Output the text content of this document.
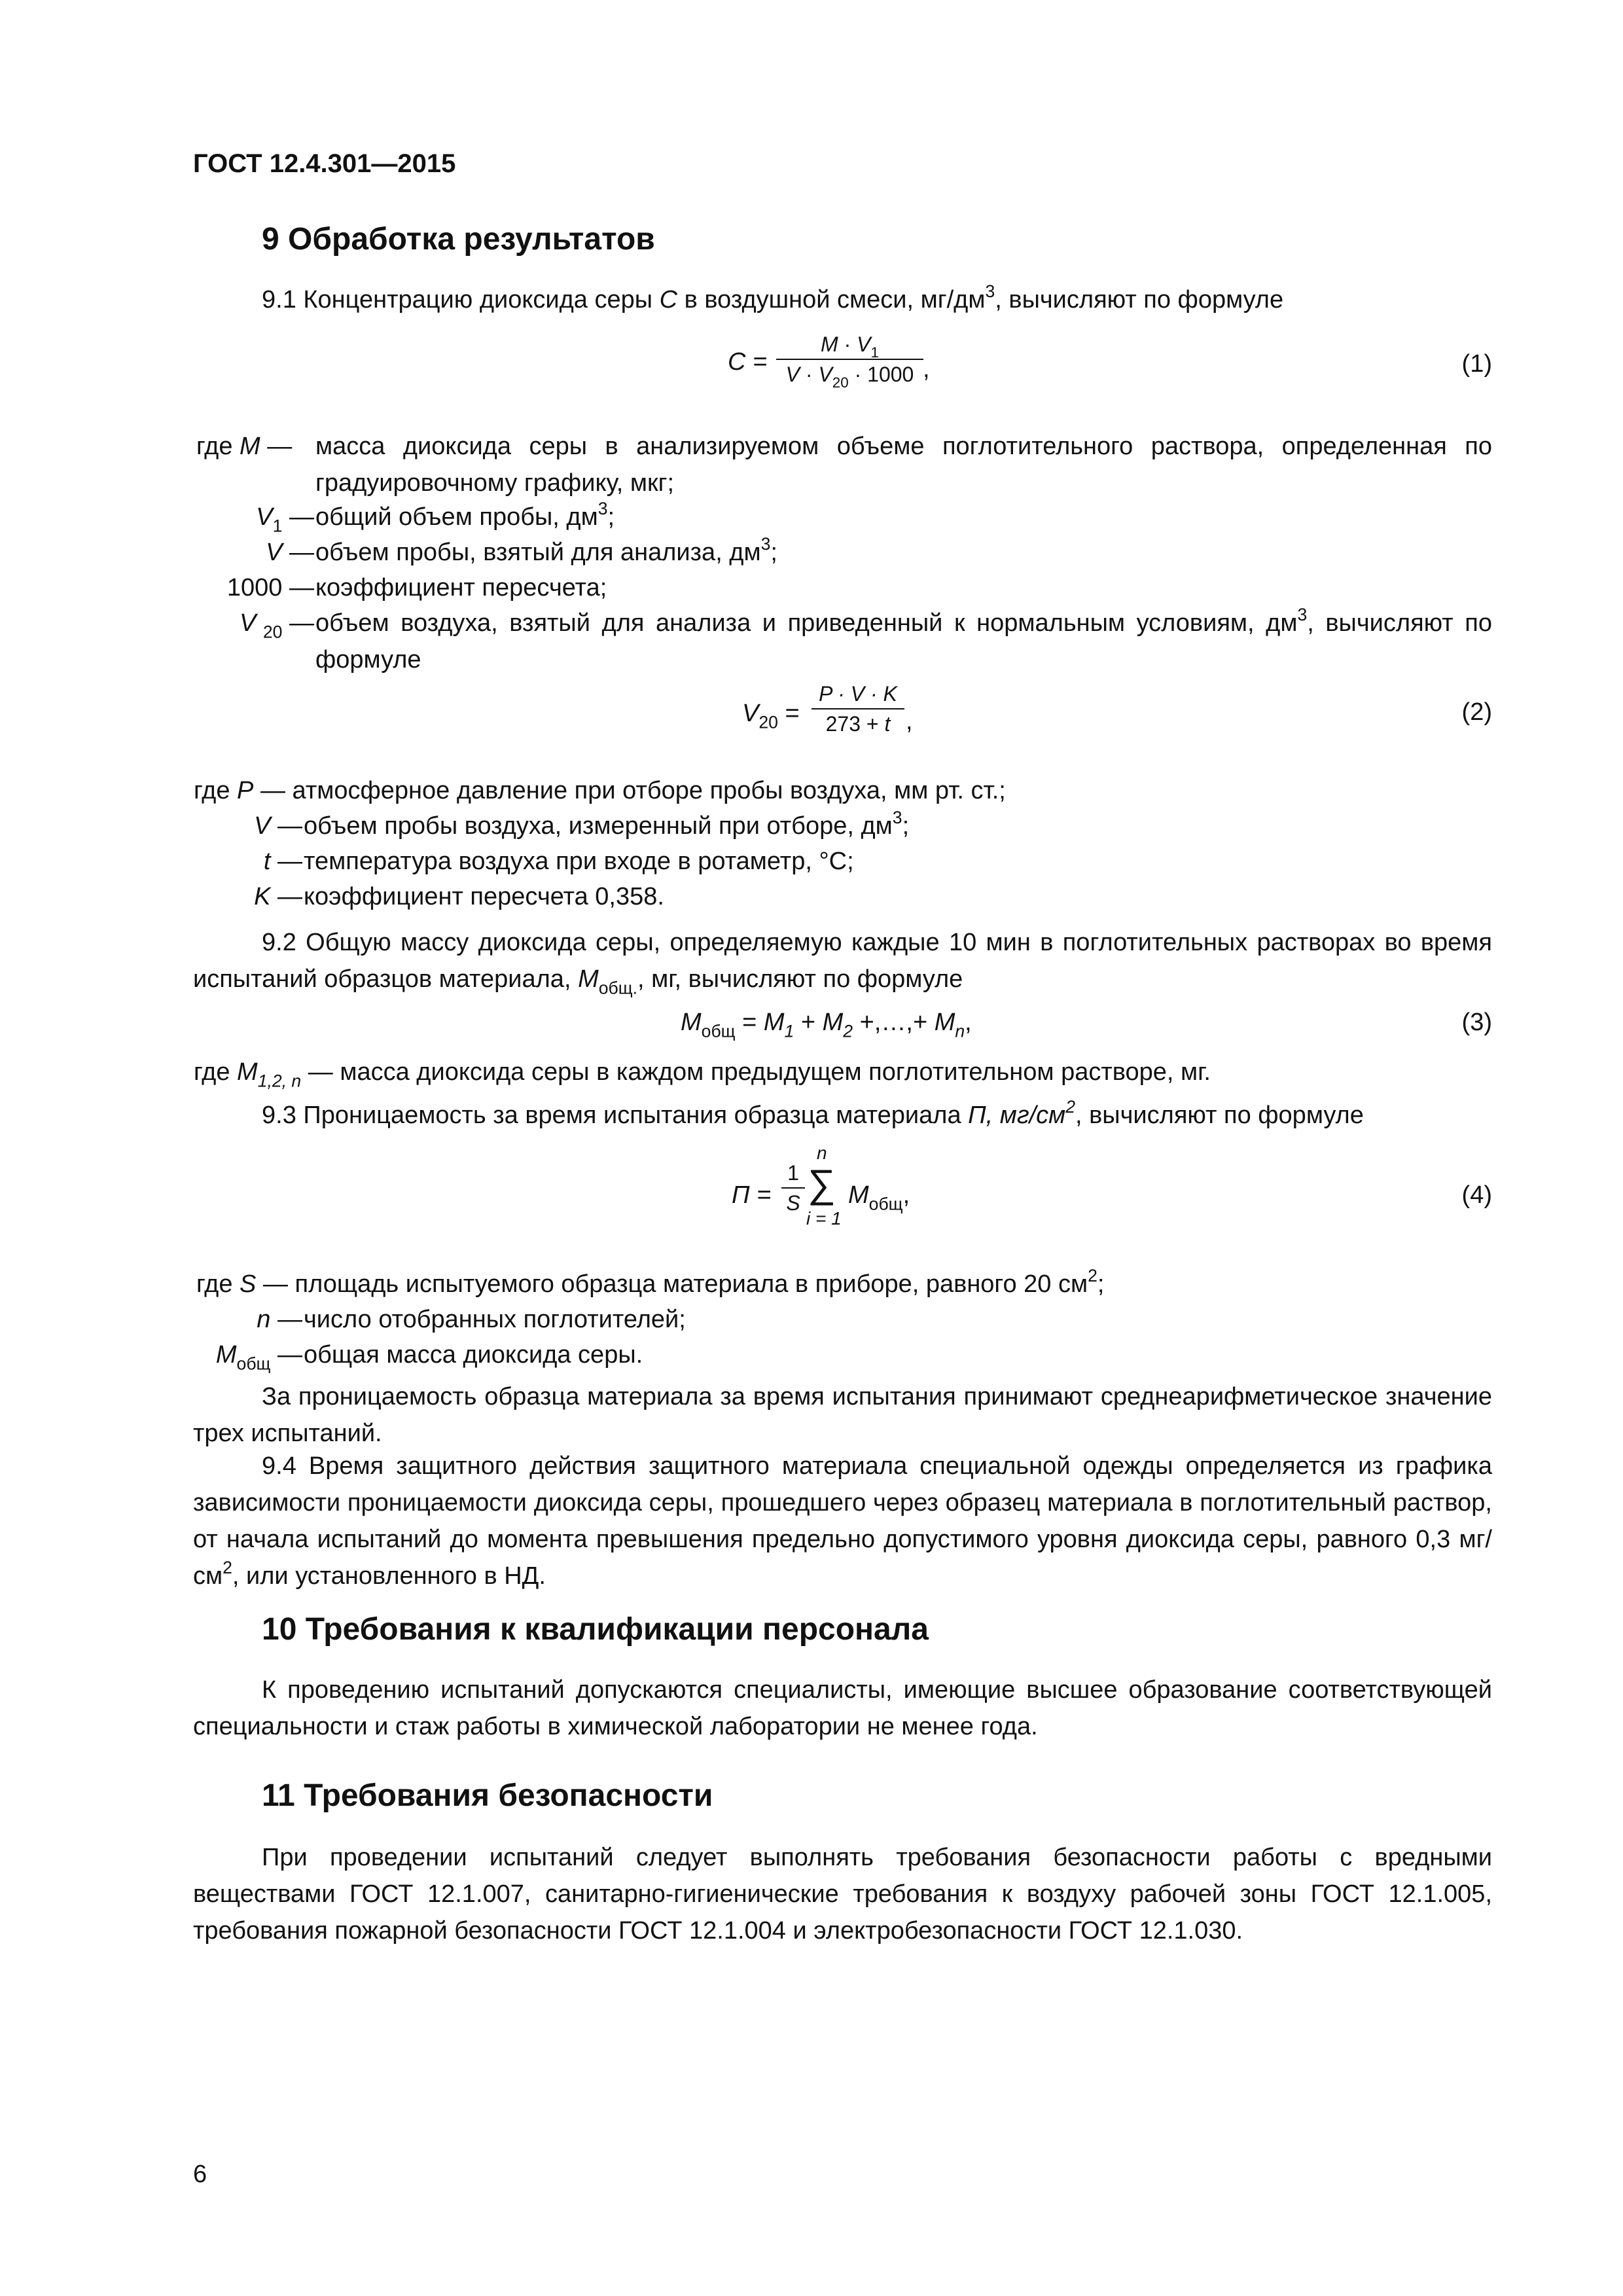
ГОСТ 12.4.301—2015
9 Обработка результатов
9.1 Концентрацию диоксида серы C в воздушной смеси, $мг/дм^3$, вычисляют по формуле
C =
$M \cdot V_1$
$V \cdot V_{20} \cdot 1000$ ,	(1)
где M — масса диоксида серы в анализируемом объеме поглотительного раствора, определенная по градуировочному графику, мкг;
$V_1$ — общий объем пробы, $дм^3$;
V — объем пробы, взятый для анализа, $дм^3$;
1000 — коэффициент пересчета;
V $_{20}$ — объем воздуха, взятый для анализа и приведенный к нормальным условиям, $дм^3$, вычисляют по формуле
$V_{20}$ =
P · V · K
273 + t ,	(2)
где P — атмосферное давление при отборе пробы воздуха, мм рт. ст.;
V — объем пробы воздуха, измеренный при отборе, $дм^3$;
t — температура воздуха при входе в ротаметр, °C;
K — коэффициент пересчета 0,358.
9.2 Общую массу диоксида серы, определяемую каждые 10 мин в поглотительных растворах во время испытаний образцов материала, $M_{общ.}$, мг, вычисляют по формуле
$M_{общ} = M_1 + M_2$ +,…,+ $M_n$,	(3)
где $M_{1,2, n}$ — масса диоксида серы в каждом предыдущем поглотительном растворе, мг.
9.3 Проницаемость за время испытания образца материала П, $мг/см^2$, вычисляют по формуле
П =
1
S
n
∑
i = 1
$M_{общ}$,	(4)
где S — площадь испытуемого образца материала в приборе, равного 20 $см^2$;
n — число отобранных поглотителей;
$M_{общ}$ — общая масса диоксида серы.
За проницаемость образца материала за время испытания принимают среднеарифметическое значение трех испытаний.
9.4 Время защитного действия защитного материала специальной одежды определяется из графика зависимости проницаемости диоксида серы, прошедшего через образец материала в поглотительный раствор, от начала испытаний до момента превышения предельно допустимого уровня диоксида серы, равного 0,3 $мг/см^2$, или установленного в НД.
10 Требования к квалификации персонала
К проведению испытаний допускаются специалисты, имеющие высшее образование соответствующей специальности и стаж работы в химической лаборатории не менее года.
11 Требования безопасности
При проведении испытаний следует выполнять требования безопасности работы с вредными веществами ГОСТ 12.1.007, санитарно-гигиенические требования к воздуху рабочей зоны ГОСТ 12.1.005, требования пожарной безопасности ГОСТ 12.1.004 и электробезопасности ГОСТ 12.1.030.
6
